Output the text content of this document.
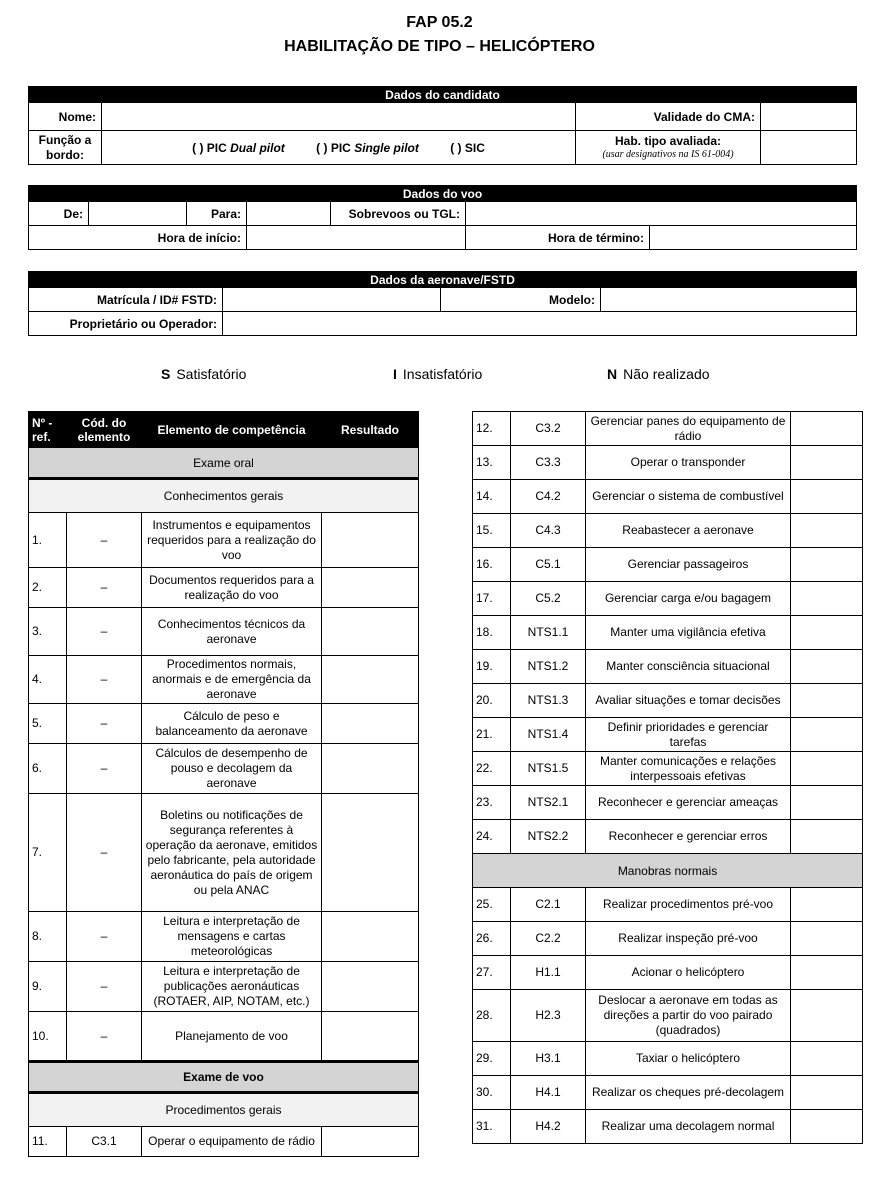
FAP 05.2
HABILITAÇÃO DE TIPO – HELICÓPTERO
Dados do candidato			
Nome:		Validade do CMA:	
Função a bordo:	( ) PIC Dual pilot ( ) PIC Single pilot ( ) SIC	Hab. tipo avaliada:
(usar designativos na IS 61-004)	

Dados do voo						
De:		Para:		Sobrevoos ou TGL:		
Hora de início:					Hora de término:	
Dados da aeronave/FSTD			
Matrícula / ID# FSTD:		Modelo:	
Proprietário ou Operador:			
S Satisfatório	I Insatisfatório	N Não realizado
Nº - ref.	Cód. do elemento	Elemento de competência	Resultado
Exame oral			
Conhecimentos gerais			
1.	–	Instrumentos e equipamentos requeridos para a realização do voo	
2.	–	Documentos requeridos para a realização do voo	
3.	–	Conhecimentos técnicos da aeronave	
4.	–	Procedimentos normais, anormais e de emergência da aeronave	
5.	–	Cálculo de peso e balanceamento da aeronave	
6.	–	Cálculos de desempenho de pouso e decolagem da aeronave	
7.	–	Boletins ou notificações de segurança referentes à operação da aeronave, emitidos pelo fabricante, pela autoridade aeronáutica do país de origem ou pela ANAC	
8.	–	Leitura e interpretação de mensagens e cartas meteorológicas	
9.	–	Leitura e interpretação de publicações aeronáuticas (ROTAER, AIP, NOTAM, etc.)	
10.	–	Planejamento de voo	
Exame de voo			
Procedimentos gerais			
11.	C3.1	Operar o equipamento de rádio	
12.	C3.2	Gerenciar panes do equipamento de rádio	
13.	C3.3	Operar o transponder	
14.	C4.2	Gerenciar o sistema de combustível	
15.	C4.3	Reabastecer a aeronave	
16.	C5.1	Gerenciar passageiros	
17.	C5.2	Gerenciar carga e/ou bagagem	
18.	NTS1.1	Manter uma vigilância efetiva	
19.	NTS1.2	Manter consciência situacional	
20.	NTS1.3	Avaliar situações e tomar decisões	
21.	NTS1.4	Definir prioridades e gerenciar tarefas	
22.	NTS1.5	Manter comunicações e relações interpessoais efetivas	
23.	NTS2.1	Reconhecer e gerenciar ameaças	
24.	NTS2.2	Reconhecer e gerenciar erros	
Manobras normais			
25.	C2.1	Realizar procedimentos pré-voo	
26.	C2.2	Realizar inspeção pré-voo	
27.	H1.1	Acionar o helicóptero	
28.	H2.3	Deslocar a aeronave em todas as direções a partir do voo pairado (quadrados)	
29.	H3.1	Taxiar o helicóptero	
30.	H4.1	Realizar os cheques pré-decolagem	
31.	H4.2	Realizar uma decolagem normal	
